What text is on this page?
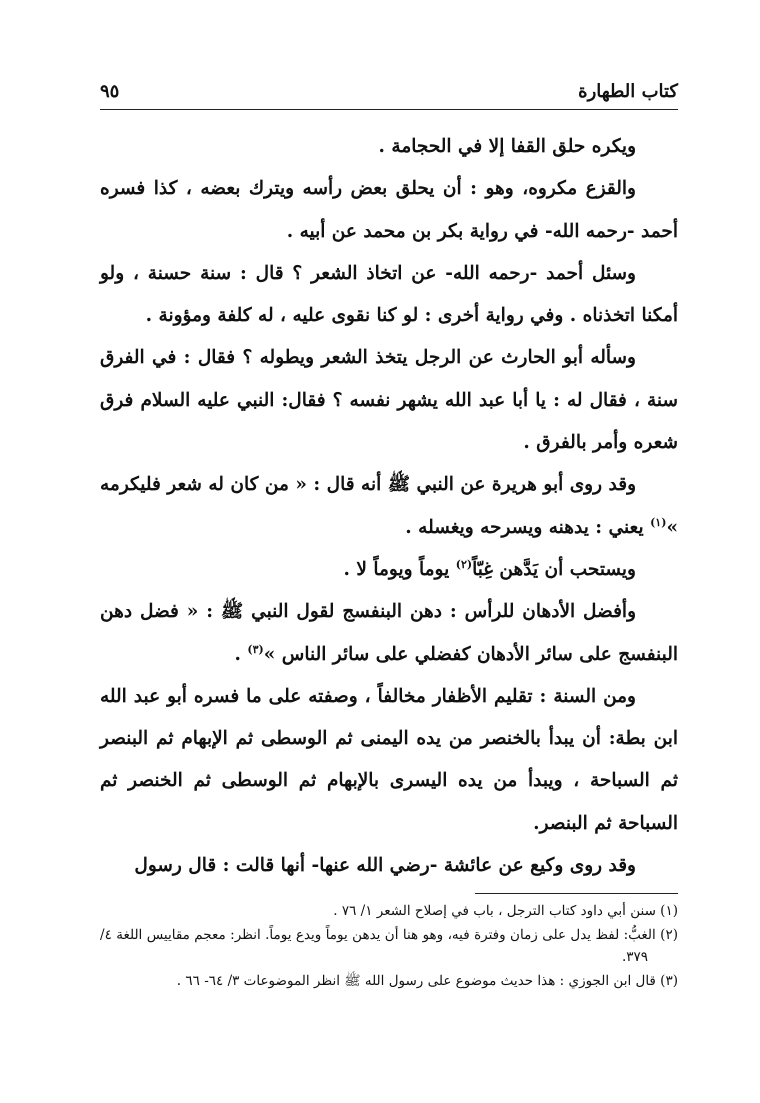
كتاب الطهارة
٩٥

ويكره حلق القفا إلا في الحجامة .

والقزع مكروه، وهو : أن يحلق بعض رأسه ويترك بعضه ، كذا فسره أحمد -رحمه الله- في رواية بكر بن محمد عن أبيه .

وسئل أحمد -رحمه الله- عن اتخاذ الشعر ؟ قال : سنة حسنة ، ولو أمكنا اتخذناه . وفي رواية أخرى : لو كنا نقوى عليه ، له كلفة ومؤونة .

وسأله أبو الحارث عن الرجل يتخذ الشعر ويطوله ؟ فقال : في الفرق سنة ، فقال له : يا أبا عبد الله يشهر نفسه ؟ فقال: النبي عليه السلام فرق شعره وأمر بالفرق .

وقد روى أبو هريرة عن النبي ﷺ أنه قال : « من كان له شعر فليكرمه »$^{(١)}$ يعني : يدهنه ويسرحه ويغسله .

ويستحب أن يَدَّهن غِبّاً$^{(٢)}$ يوماً ويوماً لا .

وأفضل الأدهان للرأس : دهن البنفسج لقول النبي ﷺ : « فضل دهن البنفسج على سائر الأدهان كفضلي على سائر الناس »$^{(٣)}$ .

ومن السنة : تقليم الأظفار مخالفاً ، وصفته على ما فسره أبو عبد الله ابن بطة: أن يبدأ بالخنصر من يده اليمنى ثم الوسطى ثم الإبهام ثم البنصر ثم السباحة ، ويبدأ من يده اليسرى بالإبهام ثم الوسطى ثم الخنصر ثم السباحة ثم البنصر.

وقد روى وكيع عن عائشة -رضي الله عنها- أنها قالت : قال رسول

(١) سنن أبي داود كتاب الترجل ، باب في إصلاح الشعر ١/ ٧٦ .

(٢) الغبُّ: لفظ يدل على زمان وفترة فيه، وهو هنا أن يدهن يوماً ويدع يوماً. انظر: معجم مقاييس اللغة ٤/ ٣٧٩.

(٣) قال ابن الجوزي : هذا حديث موضوع على رسول الله ﷺ انظر الموضوعات ٣/ ٦٤- ٦٦ .
